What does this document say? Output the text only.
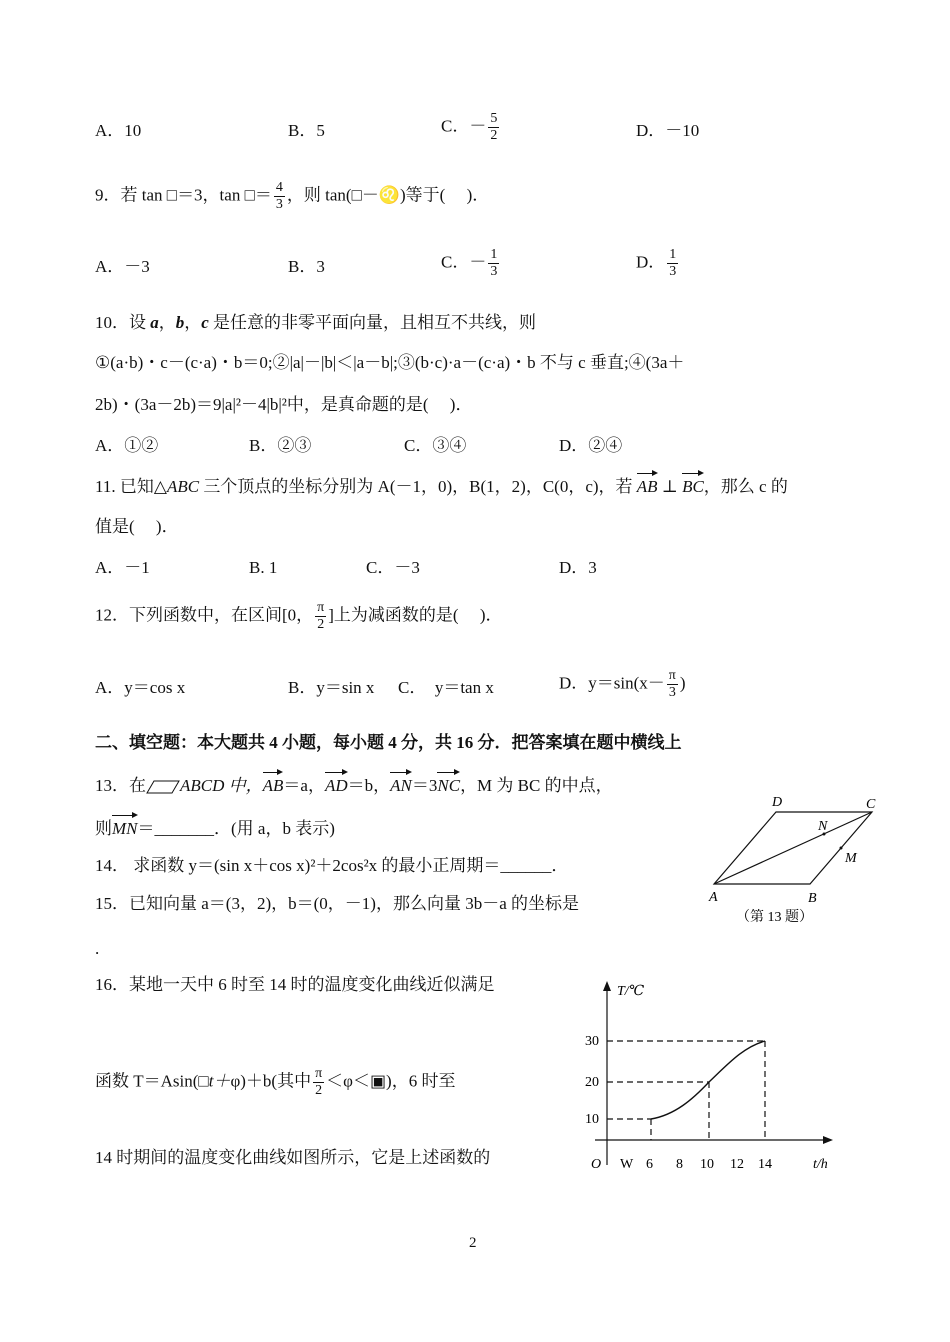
A．10	B．5	C．－ $\frac{5}{2}$	D．－10
9．若 tan □＝3，tan □＝ $\frac{4}{3}$ ，则 tan(□－♌)等于(　 )．
A．－3	B．3	C．－ $\frac{1}{3}$	D． $\frac{1}{3}$
10．设 a，b，c 是任意的非零平面向量，且相互不共线，则
①(a·b)・c－(c·a)・b＝0;②|a|－|b|＜|a－b|;③(b·c)·a－(c·a)・b 不与 c 垂直;④(3a＋
2b)・(3a－2b)＝9|a|²－4|b|²中，是真命题的是(　 )．
A．①②	B．②③	C．③④	D．②④
11. 已知△ABC 三个顶点的坐标分别为 A(－1，0)，B(1，2)，C(0，c)，若 AB ⊥ BC，那么 c 的
值是(　 )．
A．－1	B. 1	C．－3	D．3
12．下列函数中，在区间[0， $\frac{\pi}{2}$ ]上为减函数的是(　 )．
A．y＝cos x	B．y＝sin x C．　y＝tan x	D．$y=\sin(x- \frac{\pi}{3}$ )
二、填空题：本大题共 4 小题，每小题 4 分，共 16 分．把答案填在题中横线上
13．在 ABCD 中，AB＝a，AD＝b，AN＝3NC，M 为 BC 的中点，
则MN＝_______．(用 a，b 表示)
D	C
N
M
A	B
（第 13 题）
14． 求函数 y＝(sin x＋cos x)²＋2cos²x 的最小正周期＝______．
15．已知向量 a＝(3，2)，b＝(0，－1)，那么向量 3b－a 的坐标是
.
16．某地一天中 6 时至 14 时的温度变化曲线近似满足
函数 T＝Asin(□t＋φ)＋b(其中 $\frac{\pi}{2}$ ＜φ＜▣)，6 时至
14 时期间的温度变化曲线如图所示，它是上述函数的
T/℃
t/h
O W
30
20
10
6 8 10 12 14
2
